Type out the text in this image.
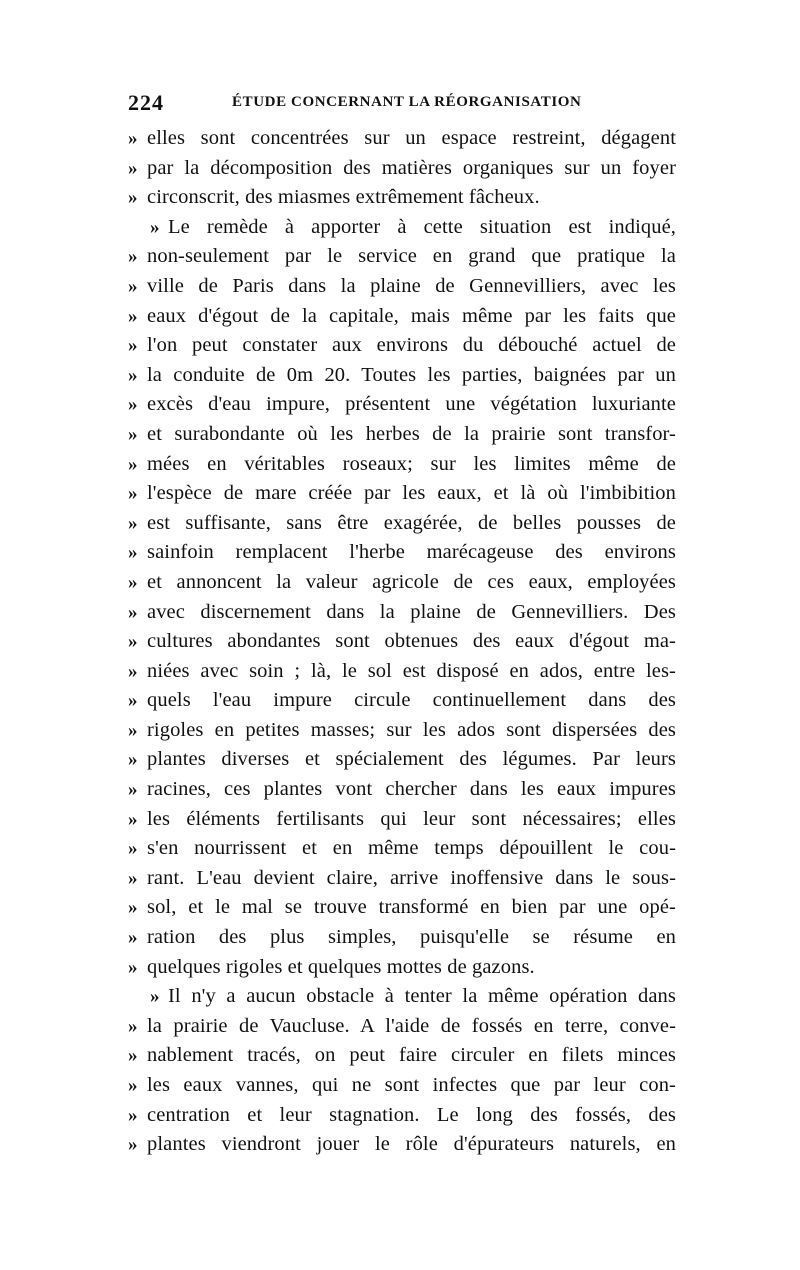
224	ÉTUDE CONCERNANT LA RÉORGANISATION
» elles sont concentrées sur un espace restreint, dégagent
» par la décomposition des matières organiques sur un foyer
» circonscrit, des miasmes extrêmement fâcheux.
» Le remède à apporter à cette situation est indiqué,
» non-seulement par le service en grand que pratique la
» ville de Paris dans la plaine de Gennevilliers, avec les
» eaux d'égout de la capitale, mais même par les faits que
» l'on peut constater aux environs du débouché actuel de
» la conduite de 0m 20. Toutes les parties, baignées par un
» excès d'eau impure, présentent une végétation luxuriante
» et surabondante où les herbes de la prairie sont transfor-
» mées en véritables roseaux; sur les limites même de
» l'espèce de mare créée par les eaux, et là où l'imbibition
» est suffisante, sans être exagérée, de belles pousses de
» sainfoin remplacent l'herbe marécageuse des environs
» et annoncent la valeur agricole de ces eaux, employées
» avec discernement dans la plaine de Gennevilliers. Des
» cultures abondantes sont obtenues des eaux d'égout ma-
» niées avec soin ; là, le sol est disposé en ados, entre les-
» quels l'eau impure circule continuellement dans des
» rigoles en petites masses; sur les ados sont dispersées des
» plantes diverses et spécialement des légumes. Par leurs
» racines, ces plantes vont chercher dans les eaux impures
» les éléments fertilisants qui leur sont nécessaires; elles
» s'en nourrissent et en même temps dépouillent le cou-
» rant. L'eau devient claire, arrive inoffensive dans le sous-
» sol, et le mal se trouve transformé en bien par une opé-
» ration des plus simples, puisqu'elle se résume en
» quelques rigoles et quelques mottes de gazons.
» Il n'y a aucun obstacle à tenter la même opération dans
» la prairie de Vaucluse. A l'aide de fossés en terre, conve-
» nablement tracés, on peut faire circuler en filets minces
» les eaux vannes, qui ne sont infectes que par leur con-
» centration et leur stagnation. Le long des fossés, des
» plantes viendront jouer le rôle d'épurateurs naturels, en
